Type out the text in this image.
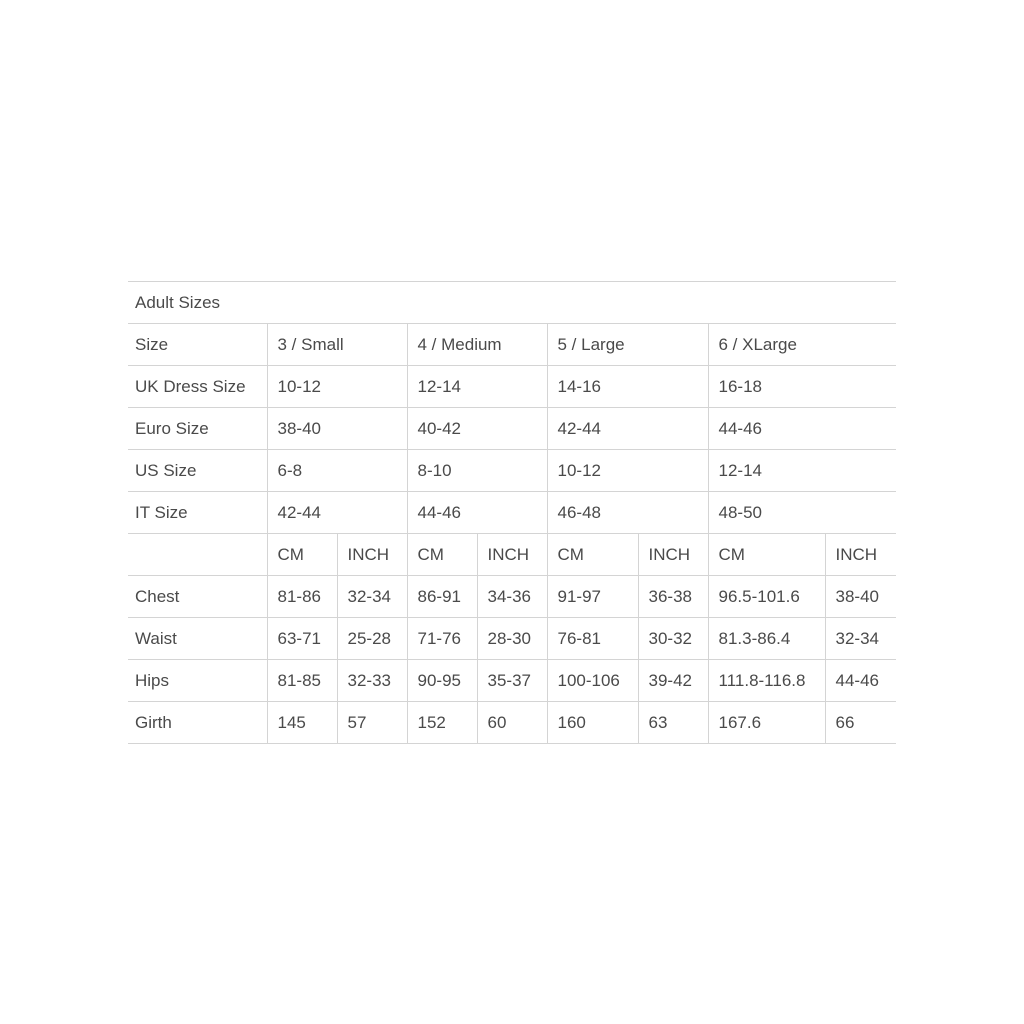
Adult Sizes								
Size	3 / Small		4 / Medium		5 / Large		6 / XLarge	
UK Dress Size	10-12		12-14		14-16		16-18	
Euro Size	38-40		40-42		42-44		44-46	
US Size	6-8		8-10		10-12		12-14	
IT Size	42-44		44-46		46-48		48-50	
	CM	INCH	CM	INCH	CM	INCH	CM	INCH
Chest	81-86	32-34	86-91	34-36	91-97	36-38	96.5-101.6	38-40
Waist	63-71	25-28	71-76	28-30	76-81	30-32	81.3-86.4	32-34
Hips	81-85	32-33	90-95	35-37	100-106	39-42	111.8-116.8	44-46
Girth	145	57	152	60	160	63	167.6	66
